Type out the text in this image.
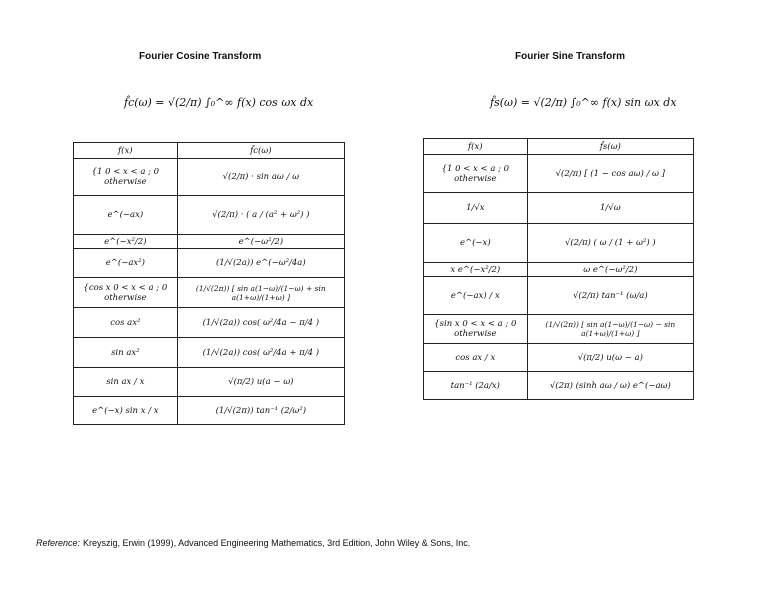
Fourier Cosine Transform
f̂c(ω) = √(2/π) ∫₀^∞ f(x) cos ωx dx
Fourier Sine Transform
f̂s(ω) = √(2/π) ∫₀^∞ f(x) sin ωx dx
f(x)	f̂c(ω)
{1 0 < x < a ; 0 otherwise	√(2/π) · sin aω / ω
e^(−ax)	√(2/π) · ( a / (a² + ω²) )
e^(−x²/2)	e^(−ω²/2)
e^(−ax²)	(1/√(2a)) e^(−ω²/4a)
{cos x 0 < x < a ; 0 otherwise	(1/√(2π)) [ sin a(1−ω)/(1−ω) + sin a(1+ω)/(1+ω) ]
cos ax²	(1/√(2a)) cos( ω²/4a − π/4 )
sin ax²	(1/√(2a)) cos( ω²/4a + π/4 )
sin ax / x	√(π/2) u(a − ω)
e^(−x) sin x / x	(1/√(2π)) tan⁻¹ (2/ω²)
f(x)	f̂s(ω)
{1 0 < x < a ; 0 otherwise	√(2/π) [ (1 − cos aω) / ω ]
1/√x	1/√ω
e^(−x)	√(2/π) ( ω / (1 + ω²) )
x e^(−x²/2)	ω e^(−ω²/2)
e^(−ax) / x	√(2/π) tan⁻¹ (ω/a)
{sin x 0 < x < a ; 0 otherwise	(1/√(2π)) [ sin a(1−ω)/(1−ω) − sin a(1+ω)/(1+ω) ]
cos ax / x	√(π/2) u(ω − a)
tan⁻¹ (2a/x)	√(2π) (sinh aω / ω) e^(−aω)
Reference: Kreyszig, Erwin (1999), Advanced Engineering Mathematics, 3rd Edition, John Wiley & Sons, Inc.
